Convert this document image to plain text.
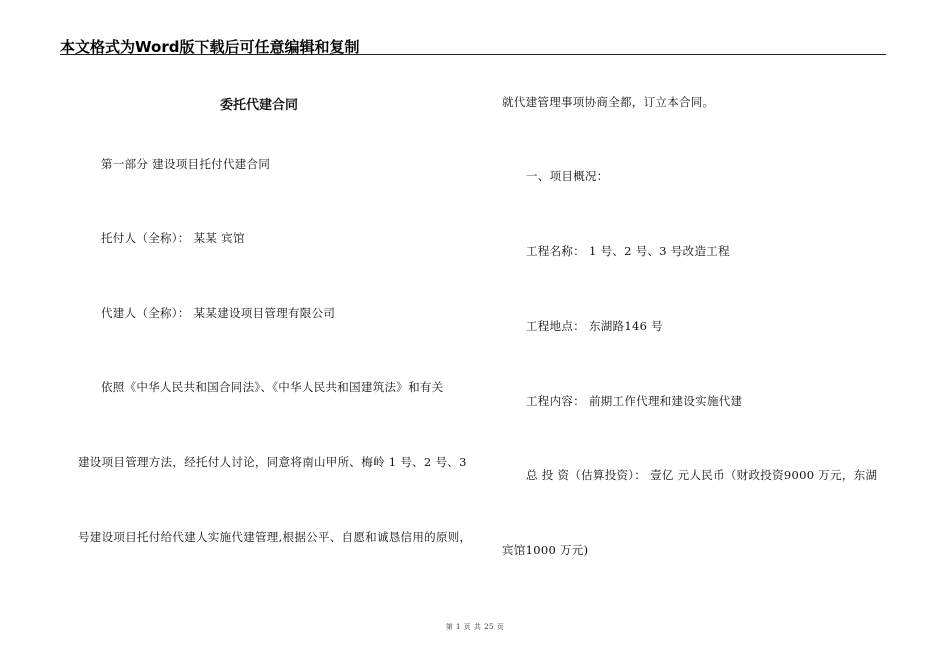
本文格式为Word版下载后可任意编辑和复制
委托代建合同
第一部分 建设项目托付代建合同
托付人（全称）： 某某 宾馆
代建人（全称）： 某某建设项目管理有限公司
依照《中华人民共和国合同法》、《中华人民共和国建筑法》和有关
建设项目管理方法，经托付人讨论，同意将南山甲所、梅岭 1 号、2 号、3
号建设项目托付给代建人实施代建管理,根据公平、自愿和诚恳信用的原则，
就代建管理事项协商全都，订立本合同。
一、项目概况：
工程名称： 1 号、2 号、3 号改造工程
工程地点： 东湖路146 号
工程内容： 前期工作代理和建设实施代建
总 投 资（估算投资）： 壹亿 元人民币（财政投资9000 万元，东湖
宾馆1000 万元)
第 1 页 共 25 页
